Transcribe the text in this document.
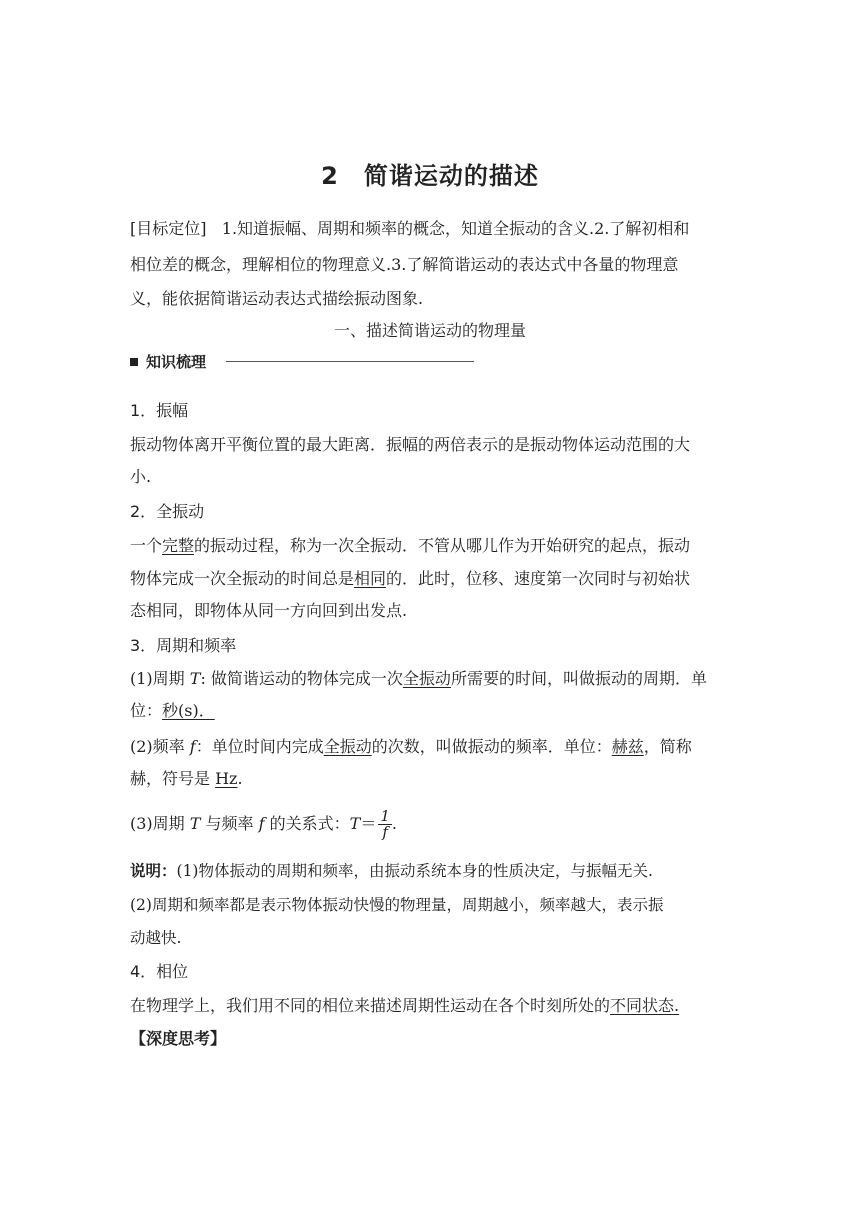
2　简谐运动的描述
[目标定位] 1.知道振幅、周期和频率的概念，知道全振动的含义.2.了解初相和
相位差的概念，理解相位的物理意义.3.了解简谐运动的表达式中各量的物理意
义，能依据简谐运动表达式描绘振动图象.
一、描述简谐运动的物理量
知识梳理
1．振幅
振动物体离开平衡位置的最大距离．振幅的两倍表示的是振动物体运动范围的大
小.
2．全振动
一个完整的振动过程，称为一次全振动．不管从哪儿作为开始研究的起点，振动
物体完成一次全振动的时间总是相同的．此时，位移、速度第一次同时与初始状
态相同，即物体从同一方向回到出发点.
3．周期和频率
(1)周期 T: 做简谐运动的物体完成一次全振动所需要的时间，叫做振动的周期．单
位：秒(s)．
(2)频率 f：单位时间内完成全振动的次数，叫做振动的频率．单位：赫兹，简称
赫，符号是 Hz.
(3)周期 T 与频率 f 的关系式：$T= \frac{1}{f}$ .
说明：(1)物体振动的周期和频率，由振动系统本身的性质决定，与振幅无关.
(2)周期和频率都是表示物体振动快慢的物理量，周期越小，频率越大，表示振
动越快.
4．相位
在物理学上，我们用不同的相位来描述周期性运动在各个时刻所处的不同状态.
【深度思考】
